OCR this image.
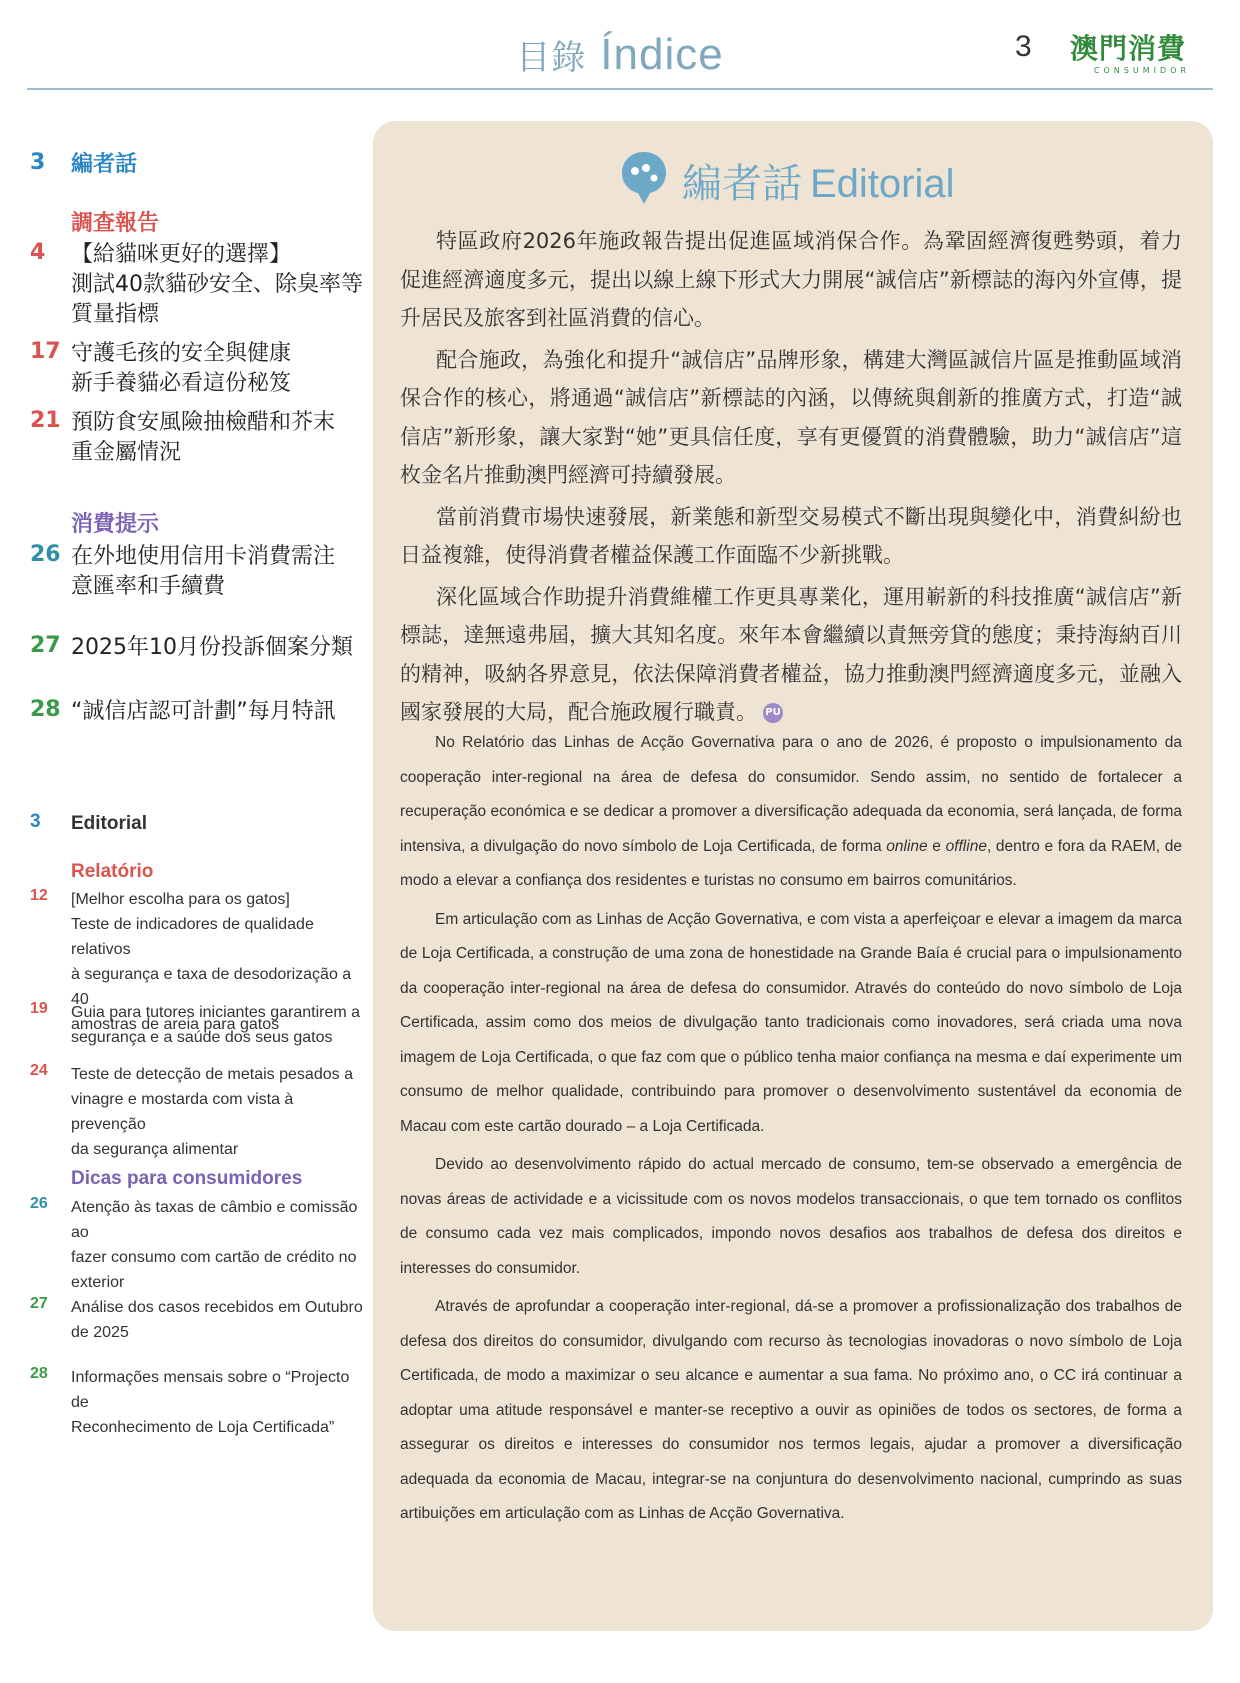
目錄 Índice	3 澳門消費
CONSUMIDOR
3 編者話
調查報告
4 【給貓咪更好的選擇】
測試40款貓砂安全、除臭率等
質量指標
17 守護毛孩的安全與健康
新手養貓必看這份秘笈
21 預防食安風險抽檢醋和芥末
重金屬情況
消費提示
26 在外地使用信用卡消費需注
意匯率和手續費
27 2025年10月份投訴個案分類
28 “誠信店認可計劃”每月特訊
3 Editorial
Relatório
12 [Melhor escolha para os gatos]
Teste de indicadores de qualidade relativos
à segurança e taxa de desodorização a 40
amostras de areia para gatos
19 Guia para tutores iniciantes garantirem a
segurança e a saúde dos seus gatos
24 Teste de detecção de metais pesados a
vinagre e mostarda com vista à prevenção
da segurança alimentar
Dicas para consumidores
26 Atenção às taxas de câmbio e comissão ao
fazer consumo com cartão de crédito no
exterior
27 Análise dos casos recebidos em Outubro
de 2025
28 Informações mensais sobre o “Projecto de
Reconhecimento de Loja Certificada”
編者話 Editorial

特區政府2026年施政報告提出促進區域消保合作。為鞏固經濟復甦勢頭，着力促進經濟適度多元，提出以線上線下形式大力開展“誠信店”新標誌的海內外宣傳，提升居民及旅客到社區消費的信心。

配合施政，為強化和提升“誠信店”品牌形象，構建大灣區誠信片區是推動區域消保合作的核心，將通過“誠信店”新標誌的內涵，以傳統與創新的推廣方式，打造“誠信店”新形象，讓大家對“她”更具信任度，享有更優質的消費體驗，助力“誠信店”這枚金名片推動澳門經濟可持續發展。

當前消費市場快速發展，新業態和新型交易模式不斷出現與變化中，消費糾紛也日益複雜，使得消費者權益保護工作面臨不少新挑戰。

深化區域合作助提升消費維權工作更具專業化，運用嶄新的科技推廣“誠信店”新標誌，達無遠弗屆，擴大其知名度。來年本會繼續以責無旁貸的態度；秉持海納百川的精神，吸納各界意見，依法保障消費者權益，協力推動澳門經濟適度多元，並融入國家發展的大局，配合施政履行職責。 PU

No Relatório das Linhas de Acção Governativa para o ano de 2026, é proposto o impulsionamento da cooperação inter-regional na área de defesa do consumidor. Sendo assim, no sentido de fortalecer a recuperação económica e se dedicar a promover a diversificação adequada da economia, será lançada, de forma intensiva, a divulgação do novo símbolo de Loja Certificada, de forma online e offline, dentro e fora da RAEM, de modo a elevar a confiança dos residentes e turistas no consumo em bairros comunitários.

Em articulação com as Linhas de Acção Governativa, e com vista a aperfeiçoar e elevar a imagem da marca de Loja Certificada, a construção de uma zona de honestidade na Grande Baía é crucial para o impulsionamento da cooperação inter-regional na área de defesa do consumidor. Através do conteúdo do novo símbolo de Loja Certificada, assim como dos meios de divulgação tanto tradicionais como inovadores, será criada uma nova imagem de Loja Certificada, o que faz com que o público tenha maior confiança na mesma e daí experimente um consumo de melhor qualidade, contribuindo para promover o desenvolvimento sustentável da economia de Macau com este cartão dourado – a Loja Certificada.

Devido ao desenvolvimento rápido do actual mercado de consumo, tem-se observado a emergência de novas áreas de actividade e a vicissitude com os novos modelos transaccionais, o que tem tornado os conflitos de consumo cada vez mais complicados, impondo novos desafios aos trabalhos de defesa dos direitos e interesses do consumidor.

Através de aprofundar a cooperação inter-regional, dá-se a promover a profissionalização dos trabalhos de defesa dos direitos do consumidor, divulgando com recurso às tecnologias inovadoras o novo símbolo de Loja Certificada, de modo a maximizar o seu alcance e aumentar a sua fama. No próximo ano, o CC irá continuar a adoptar uma atitude responsável e manter-se receptivo a ouvir as opiniões de todos os sectores, de forma a assegurar os direitos e interesses do consumidor nos termos legais, ajudar a promover a diversificação adequada da economia de Macau, integrar-se na conjuntura do desenvolvimento nacional, cumprindo as suas artibuições em articulação com as Linhas de Acção Governativa.
